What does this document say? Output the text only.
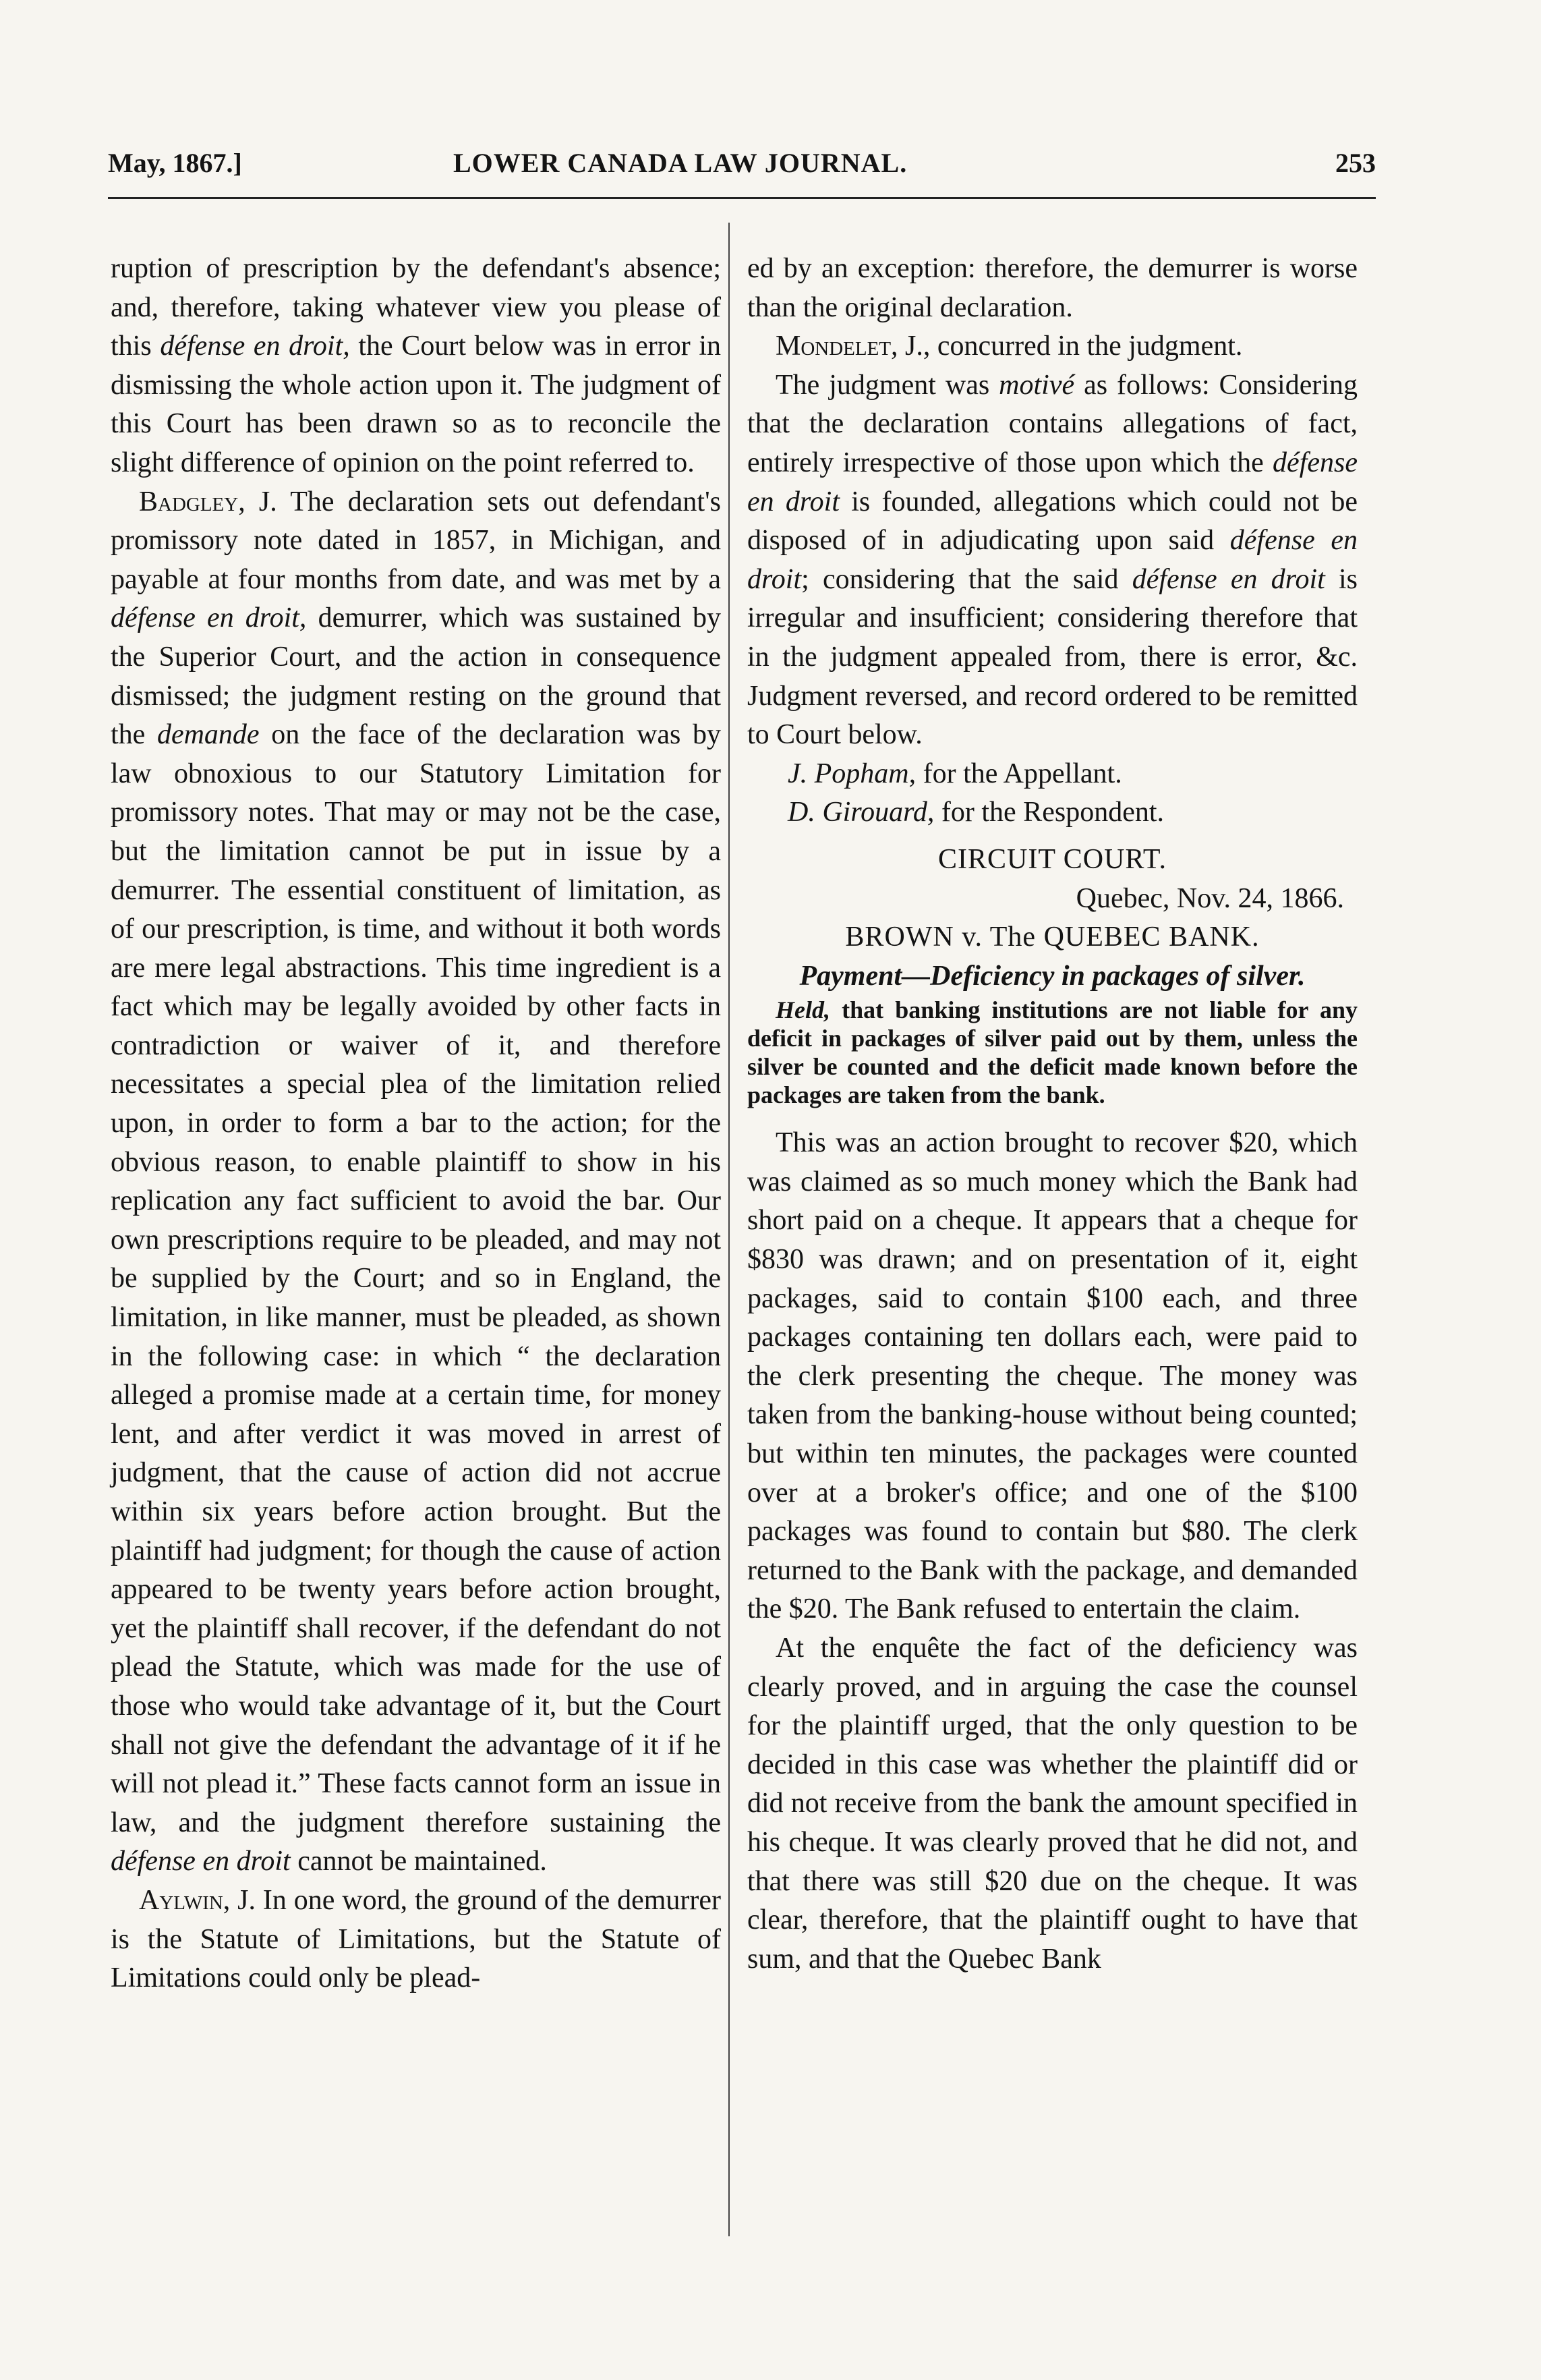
May, 1867.]	LOWER CANADA LAW JOURNAL.	253

ruption of prescription by the defendant's absence; and, therefore, taking whatever view you please of this défense en droit, the Court below was in error in dismissing the whole action upon it. The judgment of this Court has been drawn so as to reconcile the slight difference of opinion on the point referred to.

Badgley, J. The declaration sets out defendant's promissory note dated in 1857, in Michigan, and payable at four months from date, and was met by a défense en droit, demurrer, which was sustained by the Superior Court, and the action in consequence dismissed; the judgment resting on the ground that the demande on the face of the declaration was by law obnoxious to our Statutory Limitation for promissory notes. That may or may not be the case, but the limitation cannot be put in issue by a demurrer. The essential constituent of limitation, as of our prescription, is time, and without it both words are mere legal abstractions. This time ingredient is a fact which may be legally avoided by other facts in contradiction or waiver of it, and therefore necessitates a special plea of the limitation relied upon, in order to form a bar to the action; for the obvious reason, to enable plaintiff to show in his replication any fact sufficient to avoid the bar. Our own prescriptions require to be pleaded, and may not be supplied by the Court; and so in England, the limitation, in like manner, must be pleaded, as shown in the following case: in which “ the declaration alleged a promise made at a certain time, for money lent, and after verdict it was moved in arrest of judgment, that the cause of action did not accrue within six years before action brought. But the plaintiff had judgment; for though the cause of action appeared to be twenty years before action brought, yet the plaintiff shall recover, if the defendant do not plead the Statute, which was made for the use of those who would take advantage of it, but the Court shall not give the defendant the advantage of it if he will not plead it.” These facts cannot form an issue in law, and the judgment therefore sustaining the défense en droit cannot be maintained.

Aylwin, J. In one word, the ground of the demurrer is the Statute of Limitations, but the Statute of Limitations could only be plead-

ed by an exception: therefore, the demurrer is worse than the original declaration.

Mondelet, J., concurred in the judgment.

The judgment was motivé as follows: Considering that the declaration contains allegations of fact, entirely irrespective of those upon which the défense en droit is founded, allegations which could not be disposed of in adjudicating upon said défense en droit; considering that the said défense en droit is irregular and insufficient; considering therefore that in the judgment appealed from, there is error, &c. Judgment reversed, and record ordered to be remitted to Court below.

J. Popham, for the Appellant.

D. Girouard, for the Respondent.

CIRCUIT COURT.

Quebec, Nov. 24, 1866.

BROWN v. The QUEBEC BANK.

Payment—Deficiency in packages of silver.

Held, that banking institutions are not liable for any deficit in packages of silver paid out by them, unless the silver be counted and the deficit made known before the packages are taken from the bank.

This was an action brought to recover $20, which was claimed as so much money which the Bank had short paid on a cheque. It appears that a cheque for $830 was drawn; and on presentation of it, eight packages, said to contain $100 each, and three packages containing ten dollars each, were paid to the clerk presenting the cheque. The money was taken from the banking-house without being counted; but within ten minutes, the packages were counted over at a broker's office; and one of the $100 packages was found to contain but $80. The clerk returned to the Bank with the package, and demanded the $20. The Bank refused to entertain the claim.

At the enquête the fact of the deficiency was clearly proved, and in arguing the case the counsel for the plaintiff urged, that the only question to be decided in this case was whether the plaintiff did or did not receive from the bank the amount specified in his cheque. It was clearly proved that he did not, and that there was still $20 due on the cheque. It was clear, therefore, that the plaintiff ought to have that sum, and that the Quebec Bank
